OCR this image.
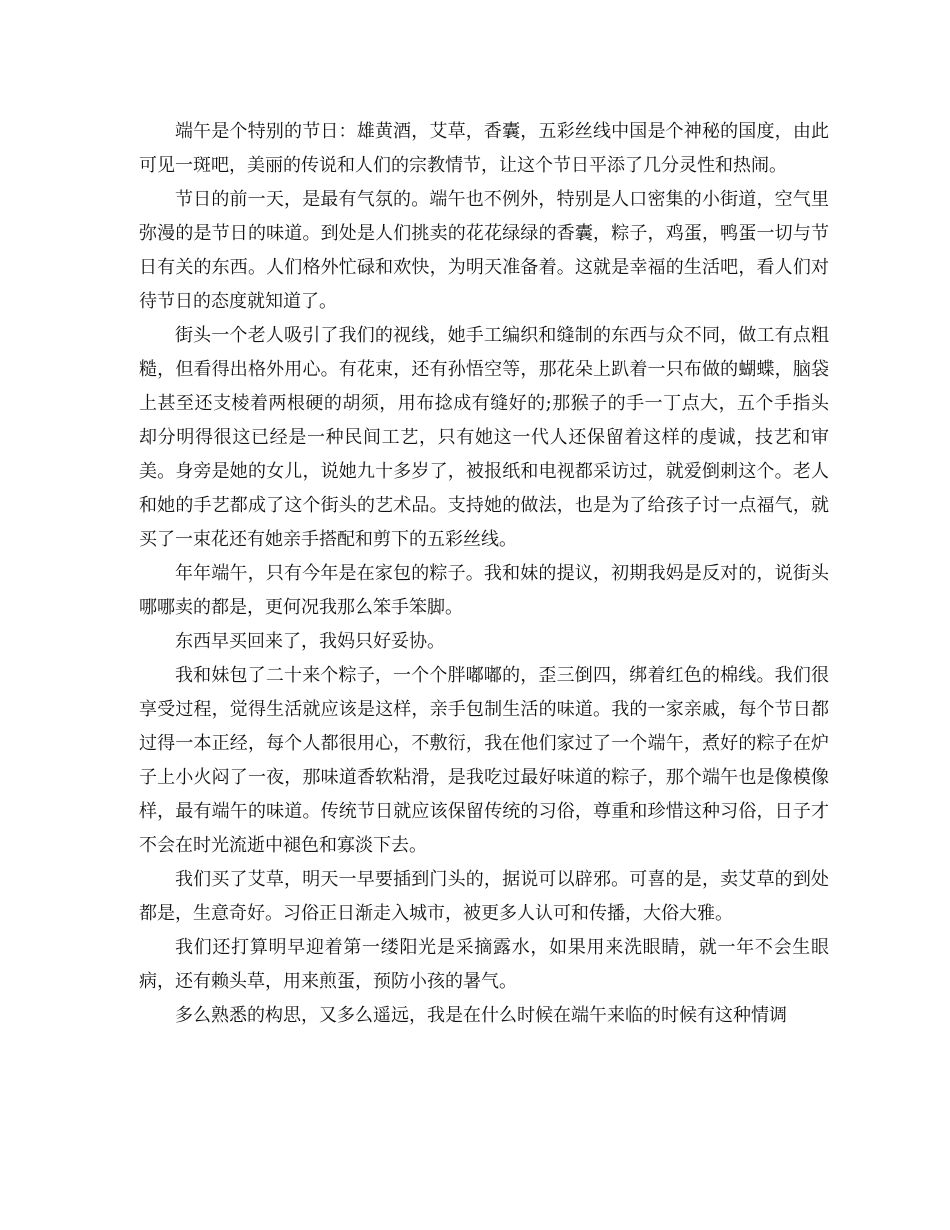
端午是个特别的节日：雄黄酒，艾草，香囊，五彩丝线中国是个神秘的国度，由此可见一斑吧，美丽的传说和人们的宗教情节，让这个节日平添了几分灵性和热闹。

节日的前一天，是最有气氛的。端午也不例外，特别是人口密集的小街道，空气里弥漫的是节日的味道。到处是人们挑卖的花花绿绿的香囊，粽子，鸡蛋，鸭蛋一切与节日有关的东西。人们格外忙碌和欢快，为明天准备着。这就是幸福的生活吧，看人们对待节日的态度就知道了。

街头一个老人吸引了我们的视线，她手工编织和缝制的东西与众不同，做工有点粗糙，但看得出格外用心。有花束，还有孙悟空等，那花朵上趴着一只布做的蝴蝶，脑袋上甚至还支棱着两根硬的胡须，用布捻成有缝好的;那猴子的手一丁点大，五个手指头却分明得很这已经是一种民间工艺，只有她这一代人还保留着这样的虔诚，技艺和审美。身旁是她的女儿，说她九十多岁了，被报纸和电视都采访过，就爱倒刺这个。老人和她的手艺都成了这个街头的艺术品。支持她的做法，也是为了给孩子讨一点福气，就买了一束花还有她亲手搭配和剪下的五彩丝线。

年年端午，只有今年是在家包的粽子。我和妹的提议，初期我妈是反对的，说街头哪哪卖的都是，更何况我那么笨手笨脚。

东西早买回来了，我妈只好妥协。

我和妹包了二十来个粽子，一个个胖嘟嘟的，歪三倒四，绑着红色的棉线。我们很享受过程，觉得生活就应该是这样，亲手包制生活的味道。我的一家亲戚，每个节日都过得一本正经，每个人都很用心，不敷衍，我在他们家过了一个端午，煮好的粽子在炉子上小火闷了一夜，那味道香软粘滑，是我吃过最好味道的粽子，那个端午也是像模像样，最有端午的味道。传统节日就应该保留传统的习俗，尊重和珍惜这种习俗，日子才不会在时光流逝中褪色和寡淡下去。

我们买了艾草，明天一早要插到门头的，据说可以辟邪。可喜的是，卖艾草的到处都是，生意奇好。习俗正日渐走入城市，被更多人认可和传播，大俗大雅。

我们还打算明早迎着第一缕阳光是采摘露水，如果用来洗眼睛，就一年不会生眼病，还有赖头草，用来煎蛋，预防小孩的暑气。

多么熟悉的构思，又多么遥远，我是在什么时候在端午来临的时候有这种情调
